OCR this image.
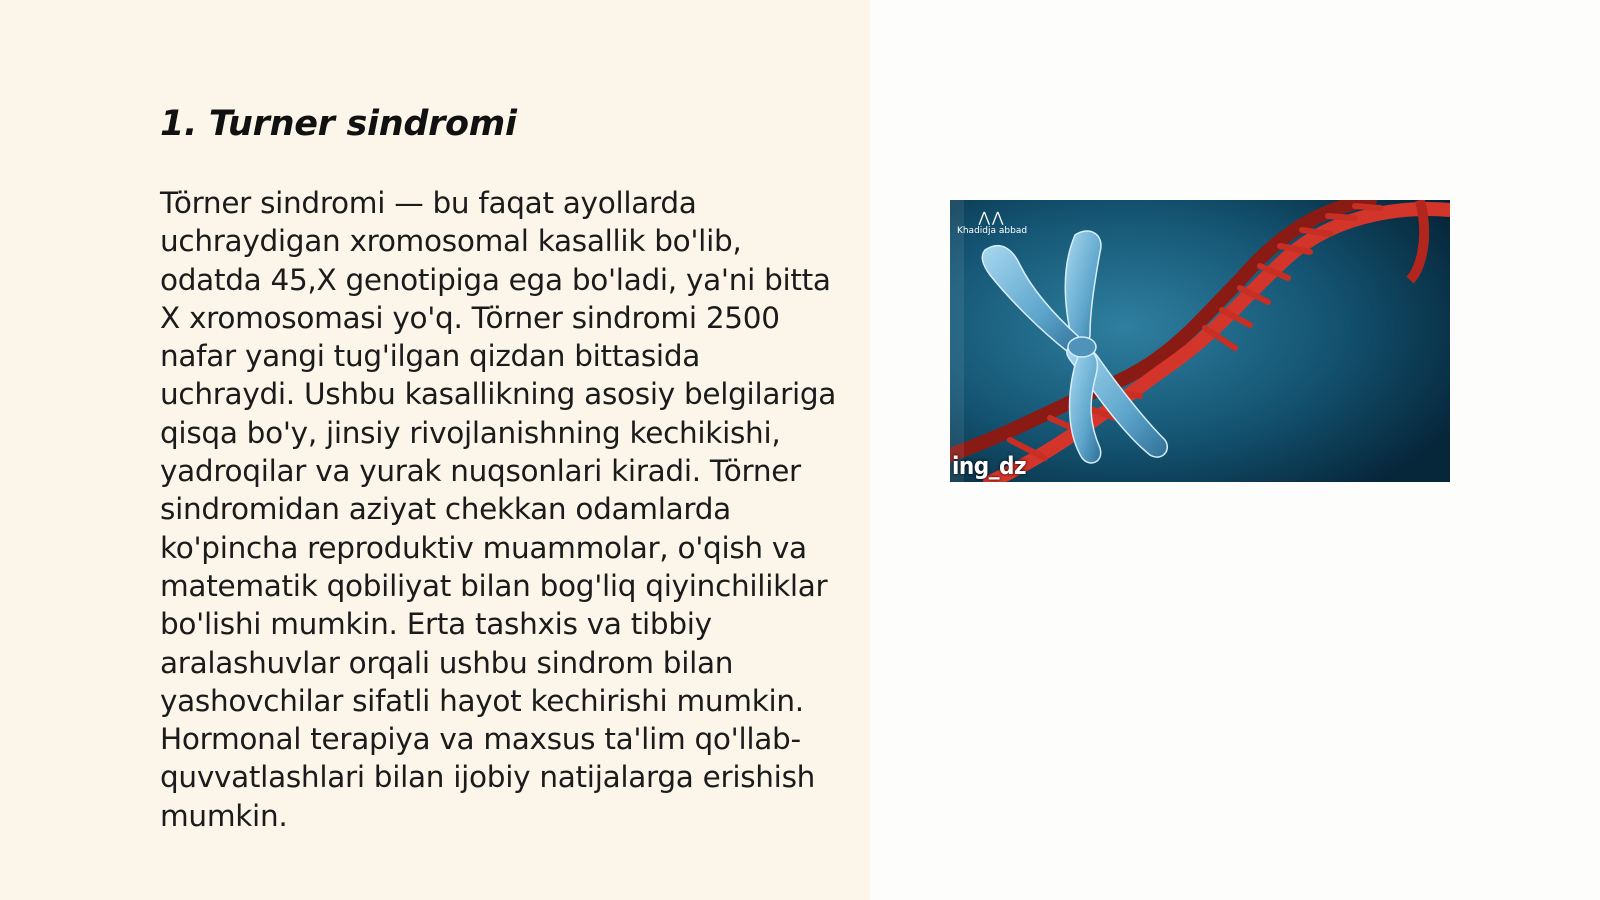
1. Turner sindromi

Törner sindromi — bu faqat ayollarda uchraydigan xromosomal kasallik bo'lib, odatda 45,X genotipiga ega bo'ladi, ya'ni bitta X xromosomasi yo'q. Törner sindromi 2500 nafar yangi tug'ilgan qizdan bittasida uchraydi. Ushbu kasallikning asosiy belgilariga qisqa bo'y, jinsiy rivojlanishning kechikishi, yadroqilar va yurak nuqsonlari kiradi. Törner sindromidan aziyat chekkan odamlarda ko'pincha reproduktiv muammolar, o'qish va matematik qobiliyat bilan bog'liq qiyinchiliklar bo'lishi mumkin. Erta tashxis va tibbiy aralashuvlar orqali ushbu sindrom bilan yashovchilar sifatli hayot kechirishi mumkin. Hormonal terapiya va maxsus ta'lim qo'llab-quvvatlashlari bilan ijobiy natijalarga erishish mumkin.

⋀⋀
Khadidja abbad
ing_dz
